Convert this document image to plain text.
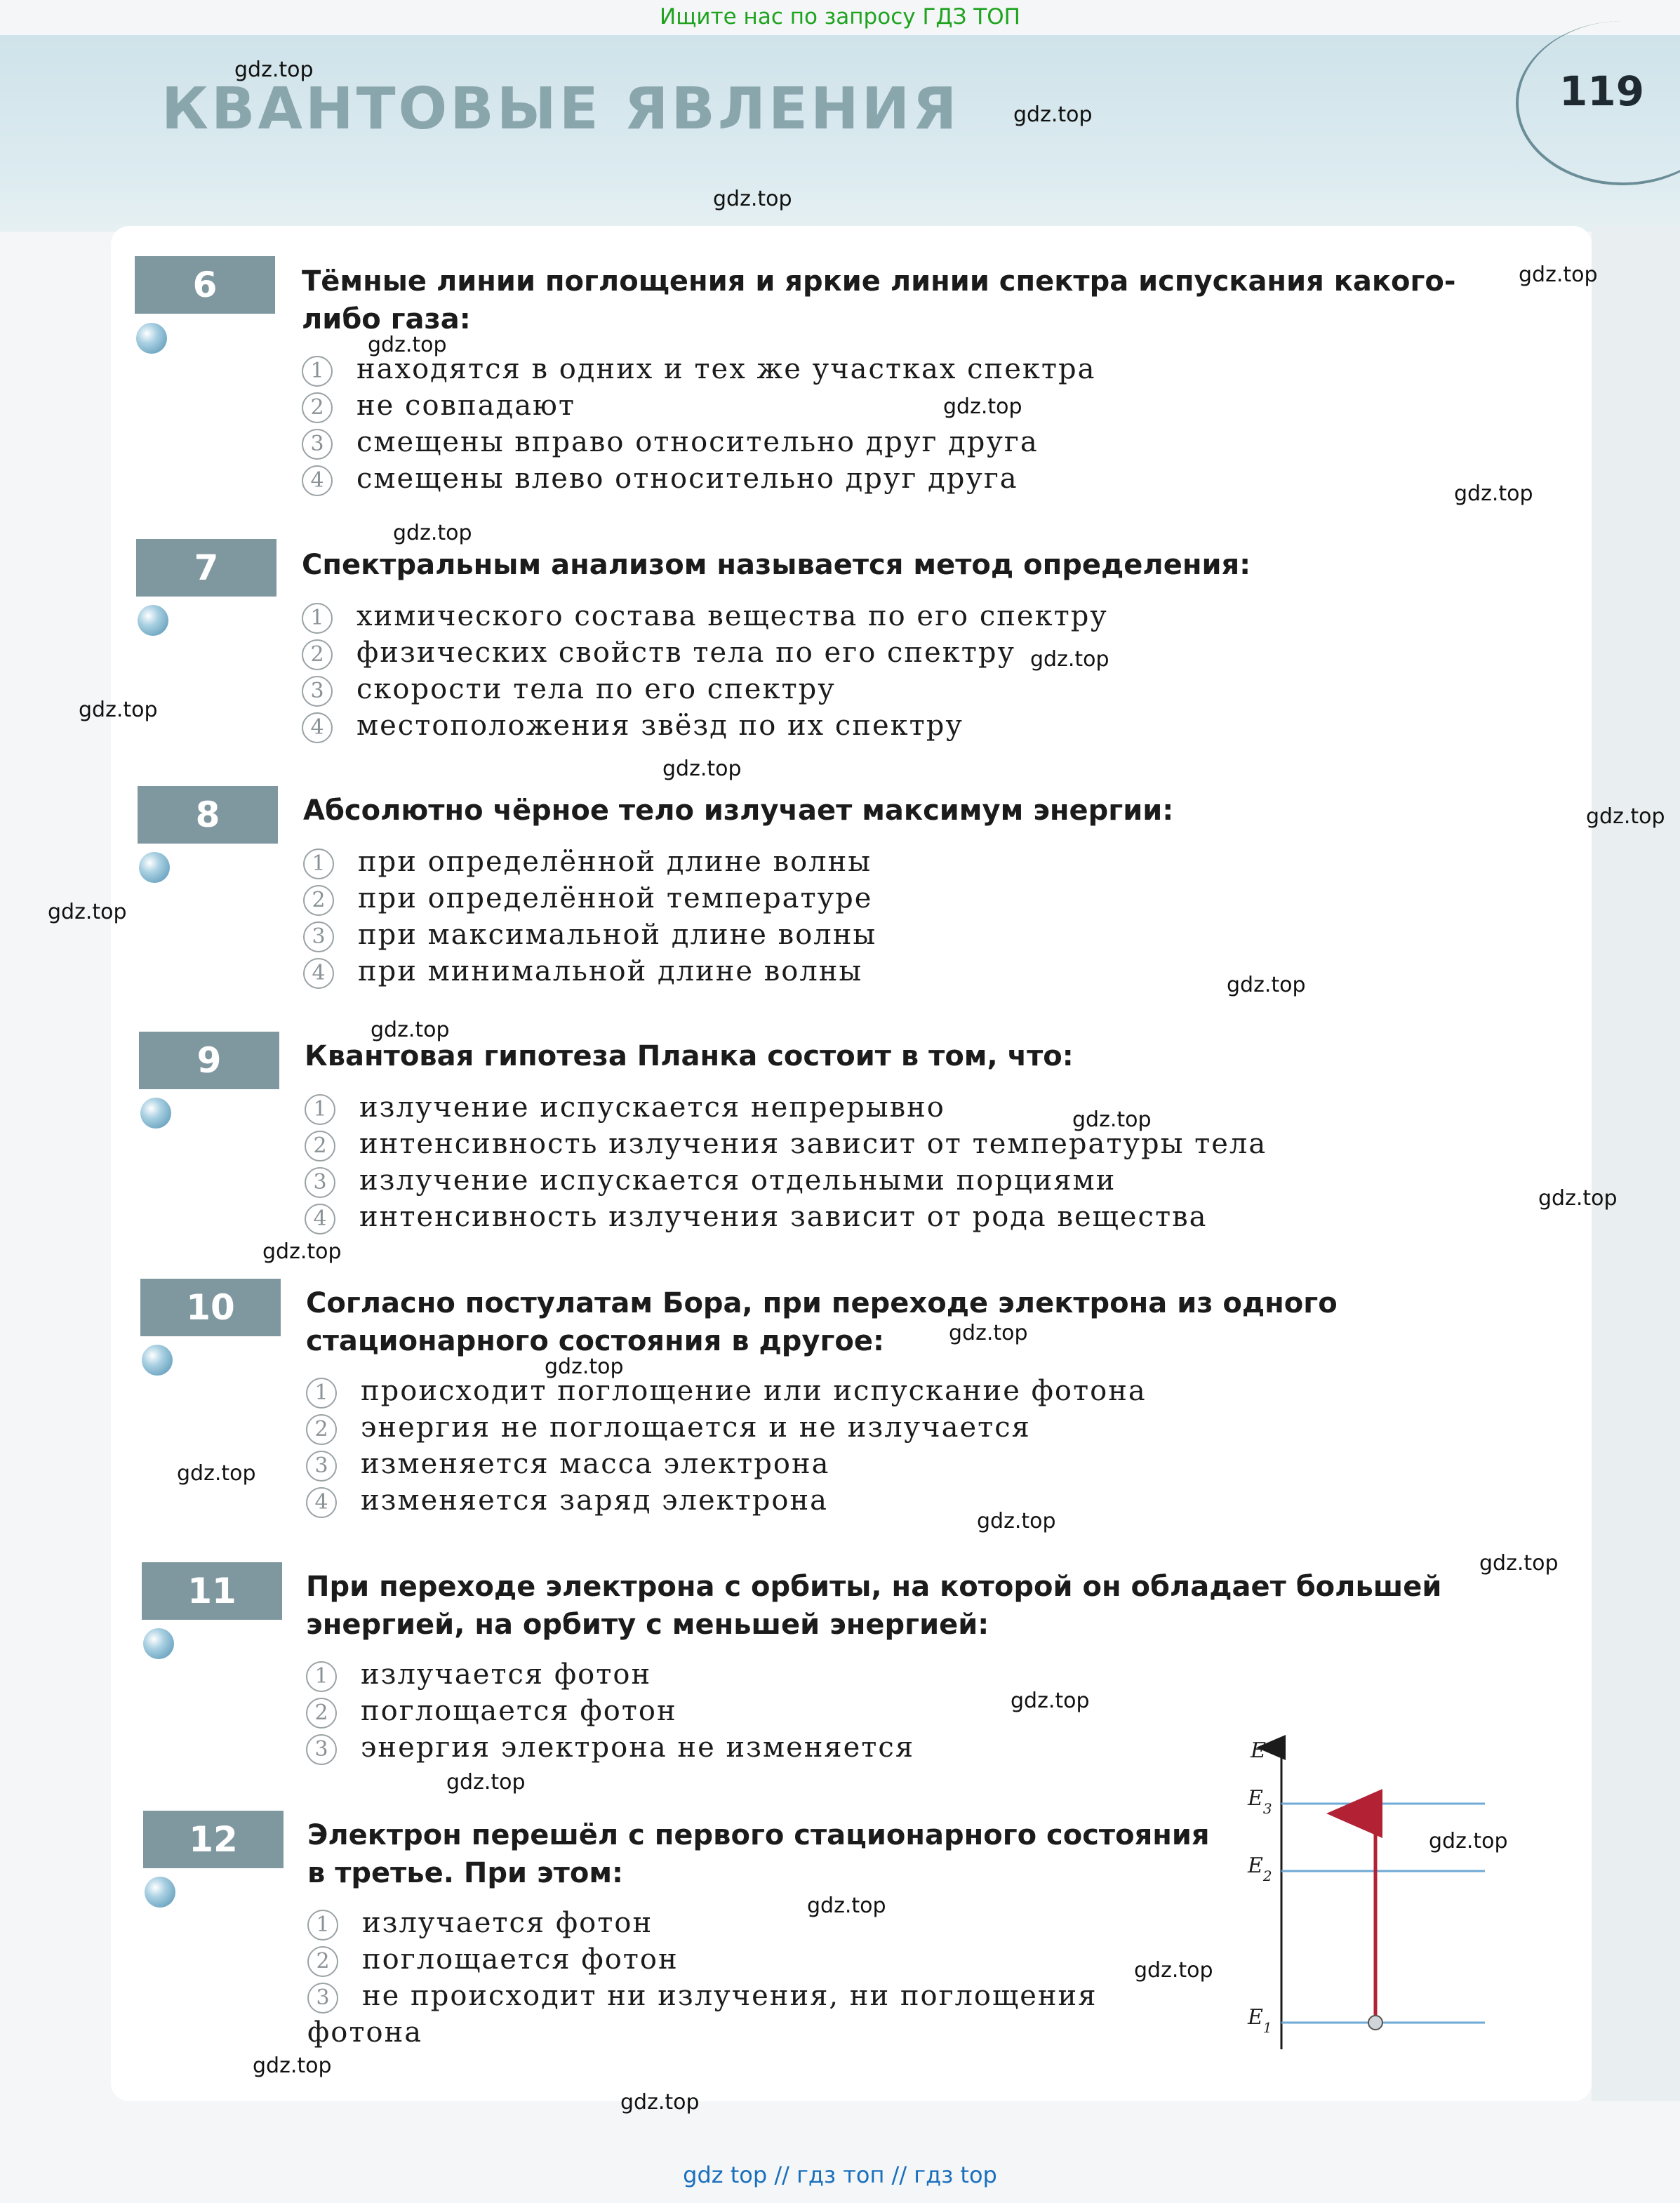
Ищите нас по запросу ГДЗ ТОП
КВАНТОВЫЕ ЯВЛЕНИЯ	119
6	Тёмные линии поглощения и яркие линии спектра испускания какого-либо газа:
1 находятся в одних и тех же участках спектра
2 не совпадают
3 смещены вправо относительно друг друга
4 смещены влево относительно друг друга
7	Спектральным анализом называется метод определения:
1 химического состава вещества по его спектру
2 физических свойств тела по его спектру
3 скорости тела по его спектру
4 местоположения звёзд по их спектру
8	Абсолютно чёрное тело излучает максимум энергии:
1 при определённой длине волны
2 при определённой температуре
3 при максимальной длине волны
4 при минимальной длине волны
9	Квантовая гипотеза Планка состоит в том, что:
1 излучение испускается непрерывно
2 интенсивность излучения зависит от температуры тела
3 излучение испускается отдельными порциями
4 интенсивность излучения зависит от рода вещества
10	Согласно постулатам Бора, при переходе электрона из одного стационарного состояния в другое:
1 происходит поглощение или испускание фотона
2 энергия не поглощается и не излучается
3 изменяется масса электрона
4 изменяется заряд электрона
11	При переходе электрона с орбиты, на которой он обладает большей энергией, на орбиту с меньшей энергией:
1 излучается фотон
2 поглощается фотон
3 энергия электрона не изменяется
12	Электрон перешёл с первого стационарного состояния в третье. При этом:
1 излучается фотон
2 поглощается фотон
3 не происходит ни излучения, ни поглощения фотона
E
$E_3$
$E_2$
$E_1$
gdz.top
gdz.top
gdz.top
gdz.top
gdz.top
gdz.top
gdz.top
gdz.top
gdz.top
gdz.top
gdz.top
gdz.top
gdz.top
gdz.top
gdz.top
gdz.top
gdz.top
gdz.top
gdz.top
gdz.top
gdz.top
gdz.top
gdz.top
gdz.top
gdz.top
gdz.top
gdz.top
gdz.top
gdz.top
gdz.top
gdz top // гдз топ // гдз top
